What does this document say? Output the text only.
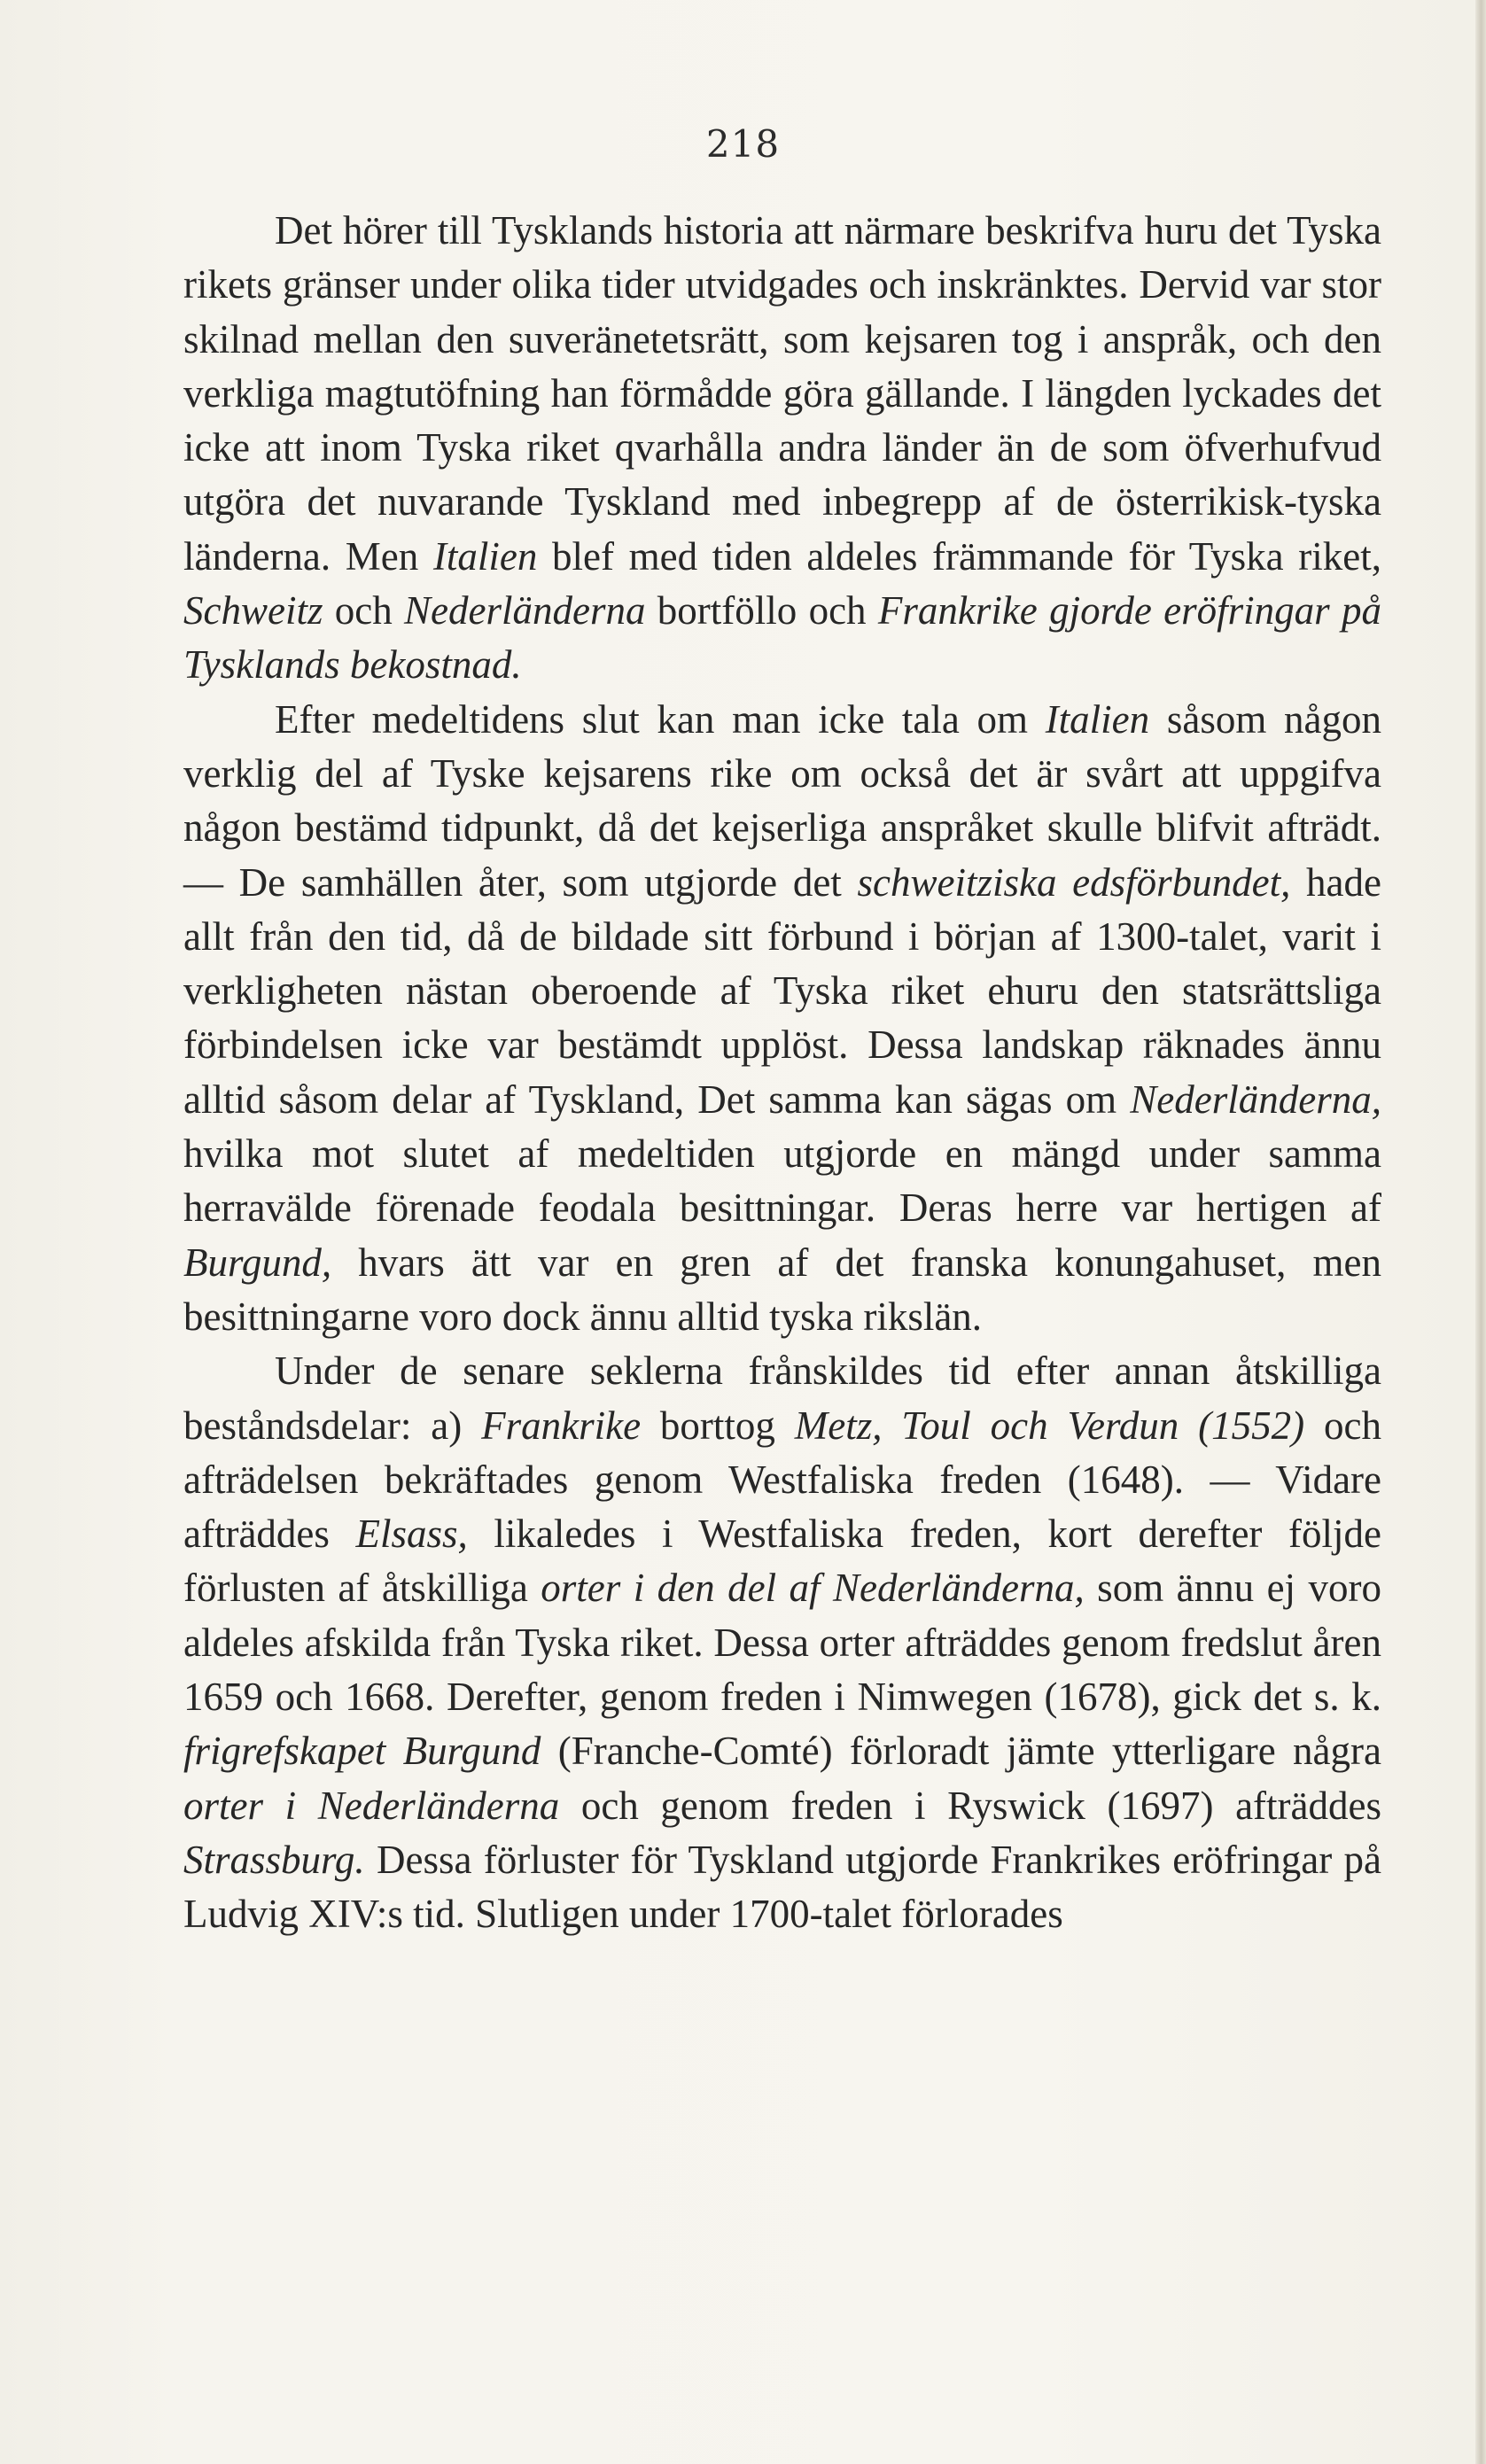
218

Det hörer till Tysklands historia att närmare beskrifva huru det Tyska rikets gränser under olika tider utvidgades och inskränktes. Dervid var stor skilnad mellan den suveränetetsrätt, som kejsaren tog i anspråk, och den verkliga magtutöfning han förmådde göra gällande. I längden lyckades det icke att inom Tyska riket qvarhålla andra länder än de som öfverhufvud utgöra det nuvarande Tyskland med inbegrepp af de österrikisk-tyska länderna. Men Italien blef med tiden aldeles främmande för Tyska riket, Schweitz och Nederländerna bortföllo och Frankrike gjorde eröfringar på Tysklands bekostnad.

Efter medeltidens slut kan man icke tala om Italien såsom någon verklig del af Tyske kejsarens rike om också det är svårt att uppgifva någon bestämd tidpunkt, då det kejserliga anspråket skulle blifvit afträdt. — De samhällen åter, som utgjorde det schweitziska edsförbundet, hade allt från den tid, då de bildade sitt förbund i början af 1300-talet, varit i verkligheten nästan oberoende af Tyska riket ehuru den statsrättsliga förbindelsen icke var bestämdt upplöst. Dessa landskap räknades ännu alltid såsom delar af Tyskland, Det samma kan sägas om Nederländerna, hvilka mot slutet af medeltiden utgjorde en mängd under samma herravälde förenade feodala besittningar. Deras herre var hertigen af Burgund, hvars ätt var en gren af det franska konungahuset, men besittningarne voro dock ännu alltid tyska rikslän.

Under de senare seklerna frånskildes tid efter annan åtskilliga beståndsdelar: a) Frankrike borttog Metz, Toul och Verdun (1552) och afträdelsen bekräftades genom Westfaliska freden (1648). — Vidare afträddes Elsass, likaledes i Westfaliska freden, kort derefter följde förlusten af åtskilliga orter i den del af Nederländerna, som ännu ej voro aldeles afskilda från Tyska riket. Dessa orter afträddes genom fredslut åren 1659 och 1668. Derefter, genom freden i Nimwegen (1678), gick det s. k. frigrefskapet Burgund (Franche-Comté) förloradt jämte ytterligare några orter i Nederländerna och genom freden i Ryswick (1697) afträddes Strassburg. Dessa förluster för Tyskland utgjorde Frankrikes eröfringar på Ludvig XIV:s tid. Slutligen under 1700-talet förlorades
